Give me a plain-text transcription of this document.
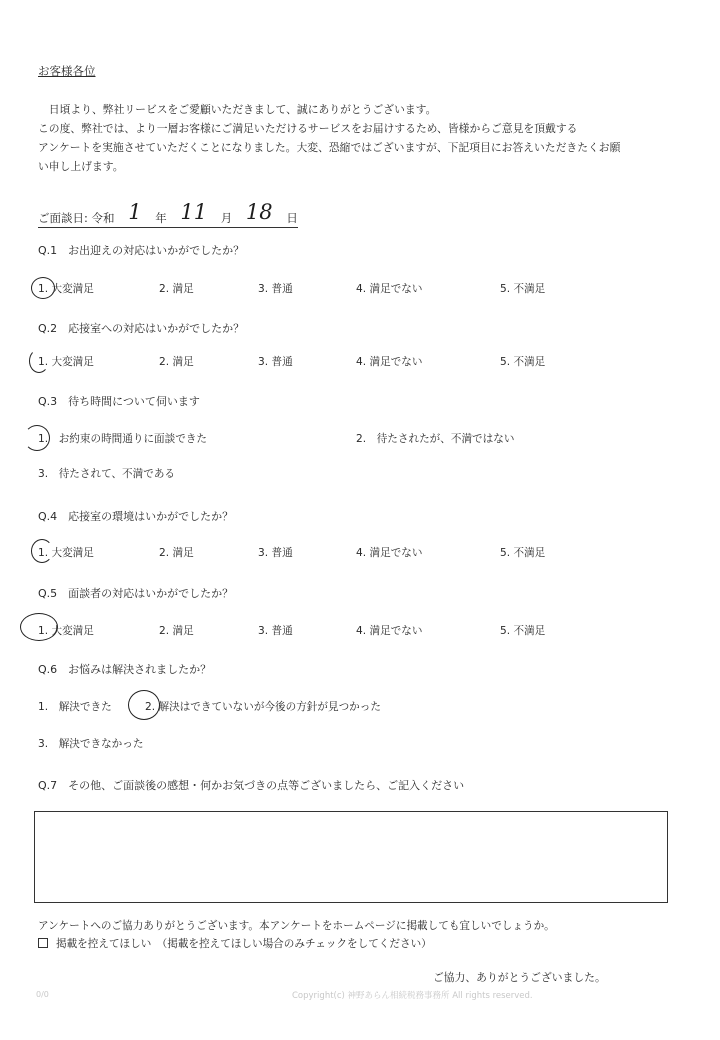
お客様各位
　日頃より、弊社リービスをご愛顧いただきまして、誠にありがとうございます。
この度、弊社では、より一層お客様にご満足いただけるサービスをお届けするため、皆様からご意見を頂戴する
アンケートを実施させていただくことになりました。大変、恐縮ではございますが、下記項目にお答えいただきたくお願
い申し上げます。
ご面談日: 令和 1 年 11 月 18 日
Q.1　お出迎えの対応はいかがでしたか？
1. 大変満足	2. 満足	3. 普通	4. 満足でない	5. 不満足
Q.2　応接室への対応はいかがでしたか？
1. 大変満足	2. 満足	3. 普通	4. 満足でない	5. 不満足
Q.3　待ち時間について伺います
1.　お約束の時間通りに面談できた	2.　待たされたが、不満ではない
3.　待たされて、不満である
Q.4　応接室の環境はいかがでしたか？
1. 大変満足	2. 満足	3. 普通	4. 満足でない	5. 不満足
Q.5　面談者の対応はいかがでしたか？
1. 大変満足	2. 満足	3. 普通	4. 満足でない	5. 不満足
Q.6　お悩みは解決されましたか？
1.　解決できた	2. 解決はできていないが今後の方針が見つかった
3.　解決できなかった
Q.7　その他、ご面談後の感想・何かお気づきの点等ございましたら、ご記入ください
アンケートへのご協力ありがとうございます。本アンケートをホームページに掲載しても宜しいでしょうか。
掲載を控えてほしい　（掲載を控えてほしい場合のみチェックをしてください）
ご協力、ありがとうございました。
0/0	Copyright(c) 神野あらん相続税務事務所 All rights reserved.
